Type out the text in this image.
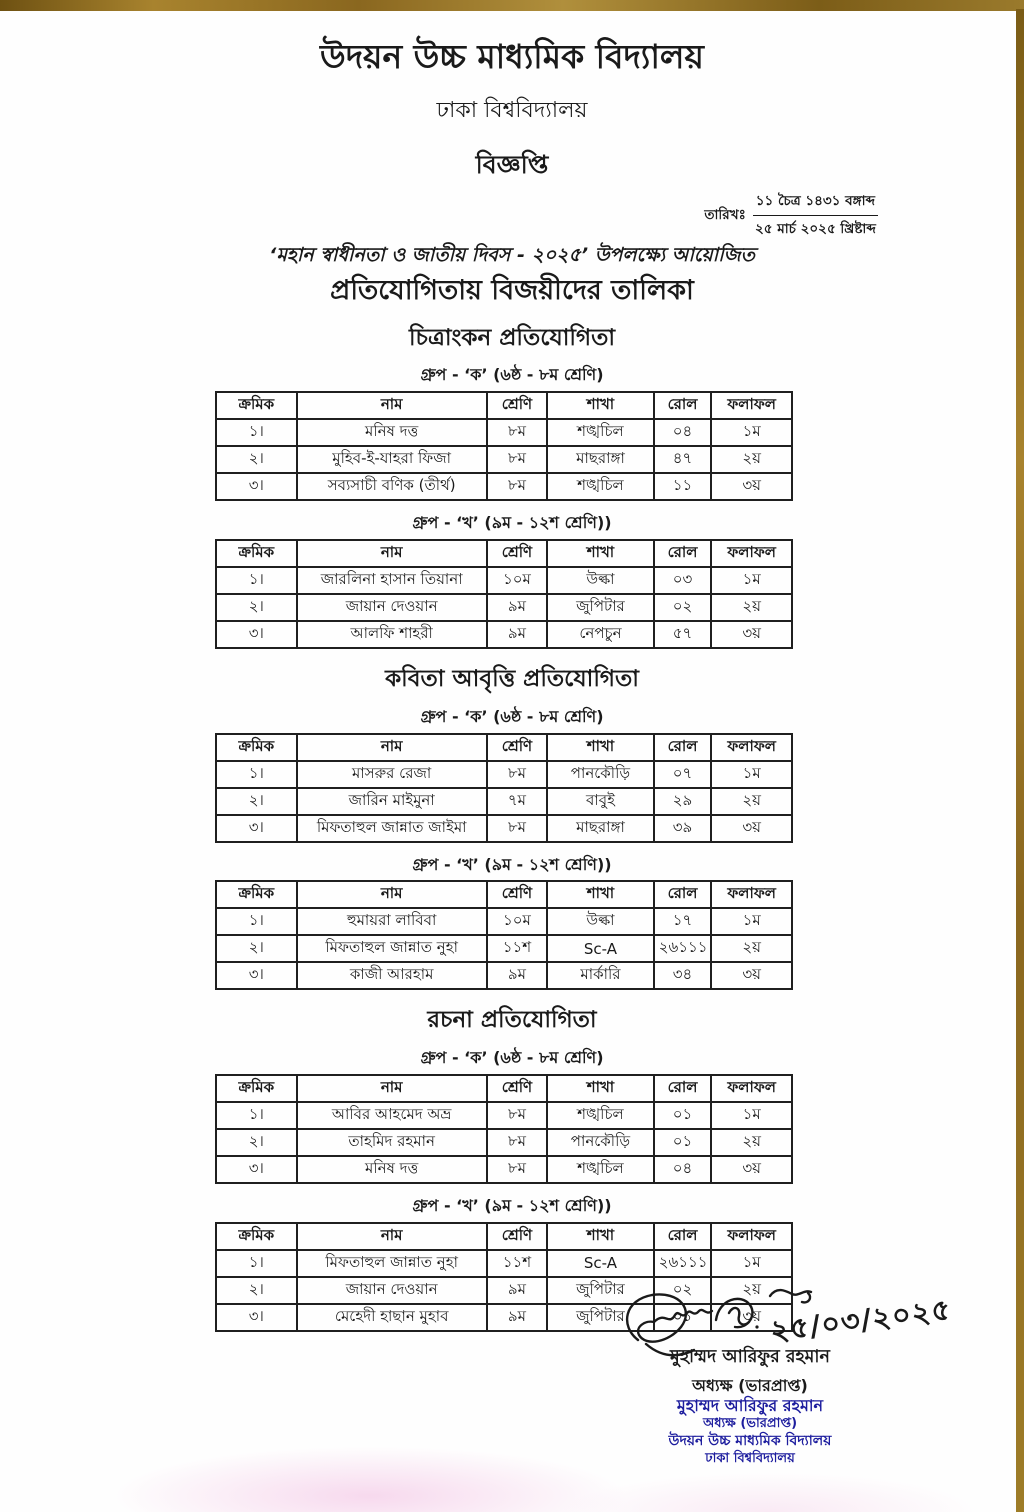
উদয়ন উচ্চ মাধ্যমিক বিদ্যালয়
ঢাকা বিশ্ববিদ্যালয়
বিজ্ঞপ্তি
তারিখঃ $\frac{\text{১১ চৈত্র ১৪৩১ বঙ্গাব্দ}}{\text{২৫ মার্চ ২০২৫ খ্রিষ্টাব্দ}}$
‘মহান স্বাধীনতা ও জাতীয় দিবস - ২০২৫’ উপলক্ষ্যে আয়োজিত
প্রতিযোগিতায় বিজয়ীদের তালিকা
চিত্রাংকন প্রতিযোগিতা
গ্রুপ - ‘ক’ (৬ষ্ঠ - ৮ম শ্রেণি)
ক্রমিক	নাম	শ্রেণি	শাখা	রোল	ফলাফল
১।	মনিষ দত্ত	৮ম	শঙ্খচিল	০৪	১ম
২।	মুহিব-ই-যাহরা ফিজা	৮ম	মাছরাঙ্গা	৪৭	২য়
৩।	সব্যসাচী বণিক (তীর্থ)	৮ম	শঙ্খচিল	১১	৩য়
গ্রুপ - ‘খ’ (৯ম - ১২শ শ্রেণি))
ক্রমিক	নাম	শ্রেণি	শাখা	রোল	ফলাফল
১।	জারলিনা হাসান তিয়ানা	১০ম	উল্কা	০৩	১ম
২।	জায়ান দেওয়ান	৯ম	জুপিটার	০২	২য়
৩।	আলফি শাহরী	৯ম	নেপচুন	৫৭	৩য়
কবিতা আবৃত্তি প্রতিযোগিতা
গ্রুপ - ‘ক’ (৬ষ্ঠ - ৮ম শ্রেণি)
ক্রমিক	নাম	শ্রেণি	শাখা	রোল	ফলাফল
১।	মাসরুর রেজা	৮ম	পানকৌড়ি	০৭	১ম
২।	জারিন মাইমুনা	৭ম	বাবুই	২৯	২য়
৩।	মিফতাহুল জান্নাত জাইমা	৮ম	মাছরাঙ্গা	৩৯	৩য়
গ্রুপ - ‘খ’ (৯ম - ১২শ শ্রেণি))
ক্রমিক	নাম	শ্রেণি	শাখা	রোল	ফলাফল
১।	হুমায়রা লাবিবা	১০ম	উল্কা	১৭	১ম
২।	মিফতাহুল জান্নাত নুহা	১১শ	Sc-A	২৬১১১	২য়
৩।	কাজী আরহাম	৯ম	মার্কারি	৩৪	৩য়
রচনা প্রতিযোগিতা
গ্রুপ - ‘ক’ (৬ষ্ঠ - ৮ম শ্রেণি)
ক্রমিক	নাম	শ্রেণি	শাখা	রোল	ফলাফল
১।	আবির আহমেদ অভ্র	৮ম	শঙ্খচিল	০১	১ম
২।	তাহমিদ রহমান	৮ম	পানকৌড়ি	০১	২য়
৩।	মনিষ দত্ত	৮ম	শঙ্খচিল	০৪	৩য়
গ্রুপ - ‘খ’ (৯ম - ১২শ শ্রেণি))
ক্রমিক	নাম	শ্রেণি	শাখা	রোল	ফলাফল
১।	মিফতাহুল জান্নাত নুহা	১১শ	Sc-A	২৬১১১	১ম
২।	জায়ান দেওয়ান	৯ম	জুপিটার	০২	২য়
৩।	মেহেদী হাছান মুহাব	৯ম	জুপিটার	০১	৩য় ২৫/০৩/২০২৫
মুহাম্মদ আরিফুর রহমান
অধ্যক্ষ (ভারপ্রাপ্ত)
মুহাম্মদ আরিফুর রহমান
অধ্যক্ষ (ভারপ্রাপ্ত)
উদয়ন উচ্চ মাধ্যমিক বিদ্যালয়
ঢাকা বিশ্ববিদ্যালয়
